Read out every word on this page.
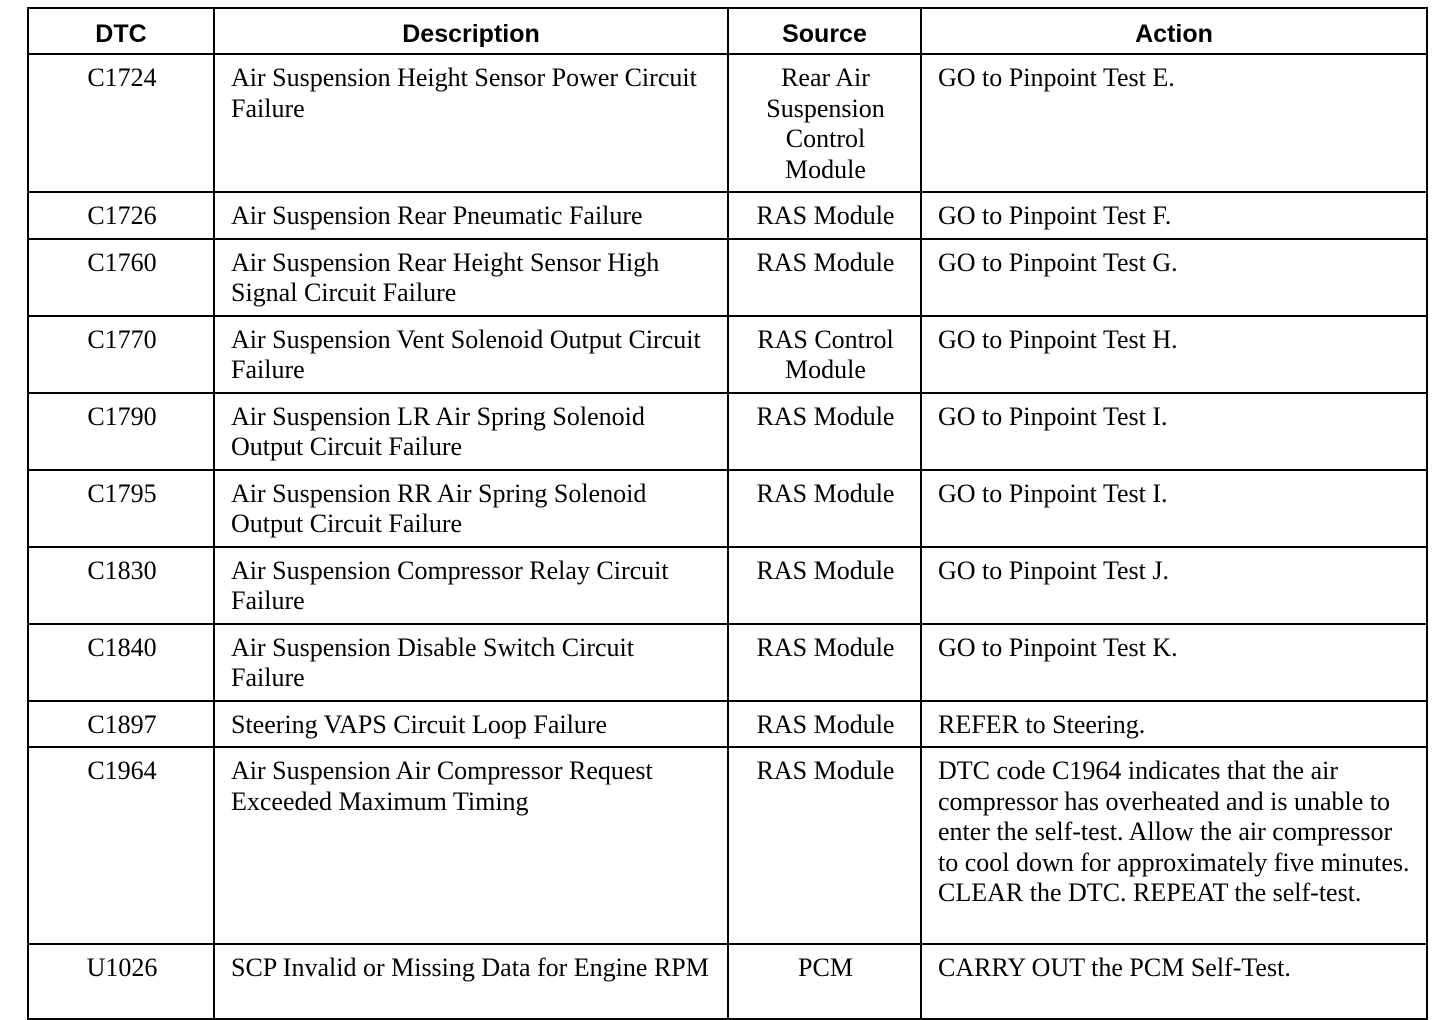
DTC	Description	Source	Action
C1724	Air Suspension Height Sensor Power Circuit Failure	Rear Air Suspension Control Module	GO to Pinpoint Test E.
C1726	Air Suspension Rear Pneumatic Failure	RAS Module	GO to Pinpoint Test F.
C1760	Air Suspension Rear Height Sensor High Signal Circuit Failure	RAS Module	GO to Pinpoint Test G.
C1770	Air Suspension Vent Solenoid Output Circuit Failure	RAS Control Module	GO to Pinpoint Test H.
C1790	Air Suspension LR Air Spring Solenoid Output Circuit Failure	RAS Module	GO to Pinpoint Test I.
C1795	Air Suspension RR Air Spring Solenoid Output Circuit Failure	RAS Module	GO to Pinpoint Test I.
C1830	Air Suspension Compressor Relay Circuit Failure	RAS Module	GO to Pinpoint Test J.
C1840	Air Suspension Disable Switch Circuit Failure	RAS Module	GO to Pinpoint Test K.
C1897	Steering VAPS Circuit Loop Failure	RAS Module	REFER to Steering.
C1964	Air Suspension Air Compressor Request Exceeded Maximum Timing	RAS Module	DTC code C1964 indicates that the air compressor has overheated and is unable to enter the self-test. Allow the air compressor to cool down for approximately five minutes. CLEAR the DTC. REPEAT the self-test.
U1026	SCP Invalid or Missing Data for Engine RPM	PCM	CARRY OUT the PCM Self-Test.
